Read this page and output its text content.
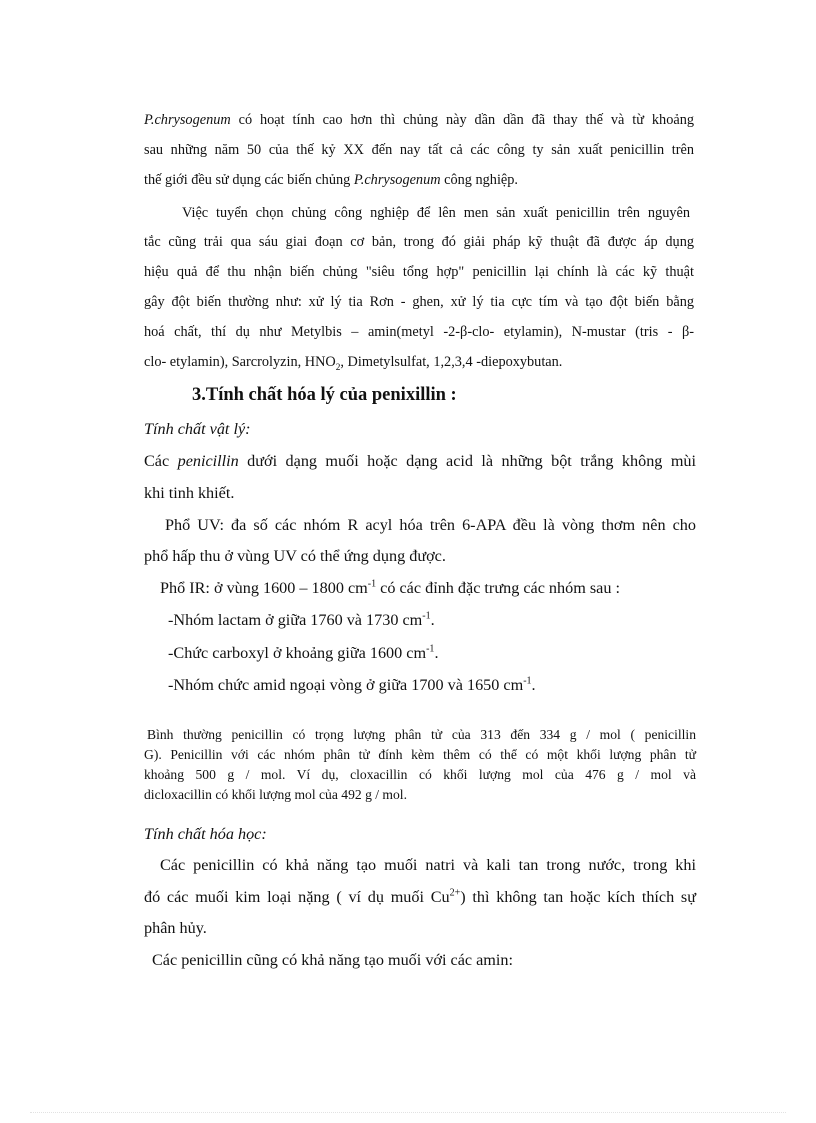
P.chrysogenum có hoạt tính cao hơn thì chủng này dần dần đã thay thế và từ khoảng
sau những năm 50 của thế kỷ XX đến nay tất cả các công ty sản xuất penicillin trên
thế giới đều sử dụng các biến chủng P.chrysogenum công nghiệp.
Việc tuyển chọn chủng công nghiệp để lên men sản xuất penicillin trên nguyên
tắc cũng trải qua sáu giai đoạn cơ bản, trong đó giải pháp kỹ thuật đã được áp dụng
hiệu quả để thu nhận biến chủng "siêu tổng hợp" penicillin lại chính là các kỹ thuật
gây đột biến thường như: xử lý tia Rơn - ghen, xử lý tia cực tím và tạo đột biến bằng
hoá chất, thí dụ như Metylbis – amin(metyl -2-β-clo- etylamin), N-mustar (tris - β-
clo- etylamin), Sarcrolyzin, $HNO_2$, Dimetylsulfat, 1,2,3,4 -diepoxybutan.
3.Tính chất hóa lý của penixillin :
Tính chất vật lý:
Các penicillin dưới dạng muối hoặc dạng acid là những bột trắng không mùi
khi tinh khiết.
Phổ UV: đa số các nhóm R acyl hóa trên 6-APA đều là vòng thơm nên cho
phổ hấp thu ở vùng UV có thể ứng dụng được.
Phổ IR: ở vùng 1600 – 1800 $cm^{-1}$ có các đỉnh đặc trưng các nhóm sau :
-Nhóm lactam ở giữa 1760 và 1730 $cm^{-1}$.
-Chức carboxyl ở khoảng giữa 1600 $cm^{-1}$.
-Nhóm chức amid ngoại vòng ở giữa 1700 và 1650 $cm^{-1}$.
Bình thường penicillin có trọng lượng phân tử của 313 đến 334 g / mol ( penicillin
G). Penicillin với các nhóm phân tử đính kèm thêm có thể có một khối lượng phân tử
khoảng 500 g / mol. Ví dụ, cloxacillin có khối lượng mol của 476 g / mol và
dicloxacillin có khối lượng mol của 492 g / mol.
Tính chất hóa học:
Các penicillin có khả năng tạo muối natri và kali tan trong nước, trong khi
đó các muối kim loại nặng ( ví dụ muối $Cu^{2+}$) thì không tan hoặc kích thích sự
phân hủy.
Các penicillin cũng có khả năng tạo muối với các amin:
